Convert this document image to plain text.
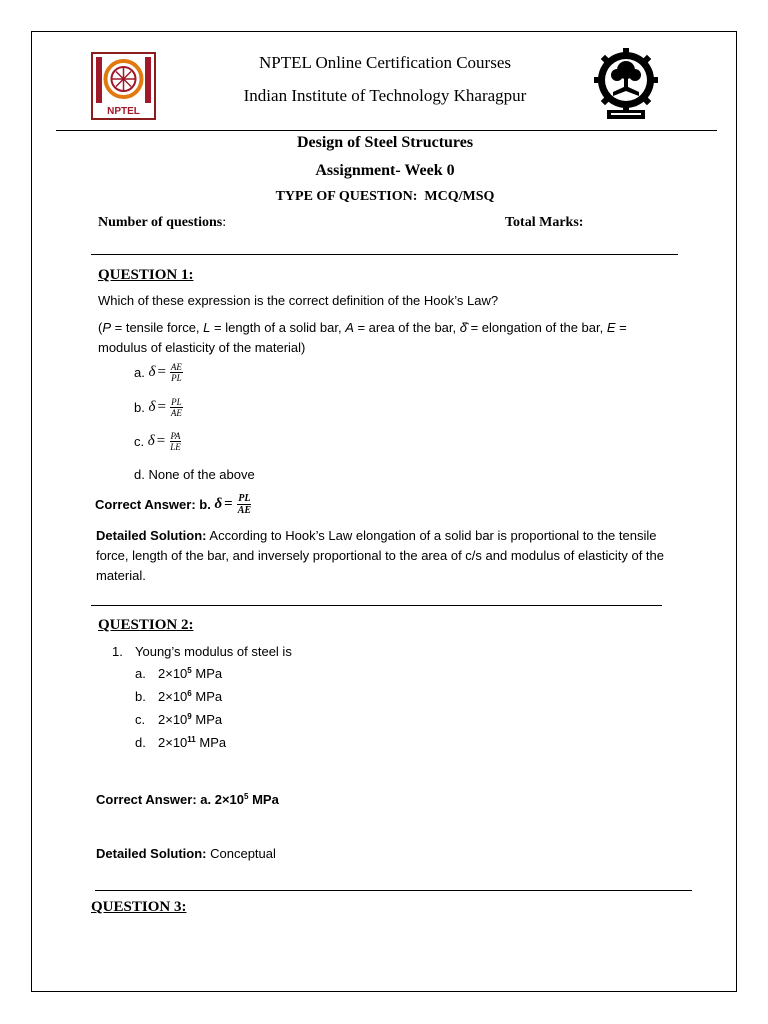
NPTEL
NPTEL Online Certification Courses
Indian Institute of Technology Kharagpur
Design of Steel Structures
Assignment- Week 0
TYPE OF QUESTION:  MCQ/MSQ
Number of questions:	Total Marks:
QUESTION 1:
Which of these expression is the correct definition of the Hook’s Law?
(P = tensile force, L = length of a solid bar, A = area of the bar, δ̂ = elongation of the bar, E = modulus of elasticity of the material)
a. $\delta = \frac{AE}{PL}$
b. $\delta = \frac{PL}{AE}$
c. $\delta = \frac{PA}{LE}$
d. None of the above
Correct Answer: b. $\delta = \frac{PL}{AE}$
Detailed Solution: According to Hook’s Law elongation of a solid bar is proportional to the tensile force, length of the bar, and inversely proportional to the area of c/s and modulus of elasticity of the material.
QUESTION 2:
1. Young’s modulus of steel is
a. $2\times 10^5$ MPa
b. $2\times 10^6$ MPa
c. $2\times 10^9$ MPa
d. $2\times 10^{11}$ MPa
Correct Answer: a. $2\times 10^5$ MPa
Detailed Solution: Conceptual
QUESTION 3:
